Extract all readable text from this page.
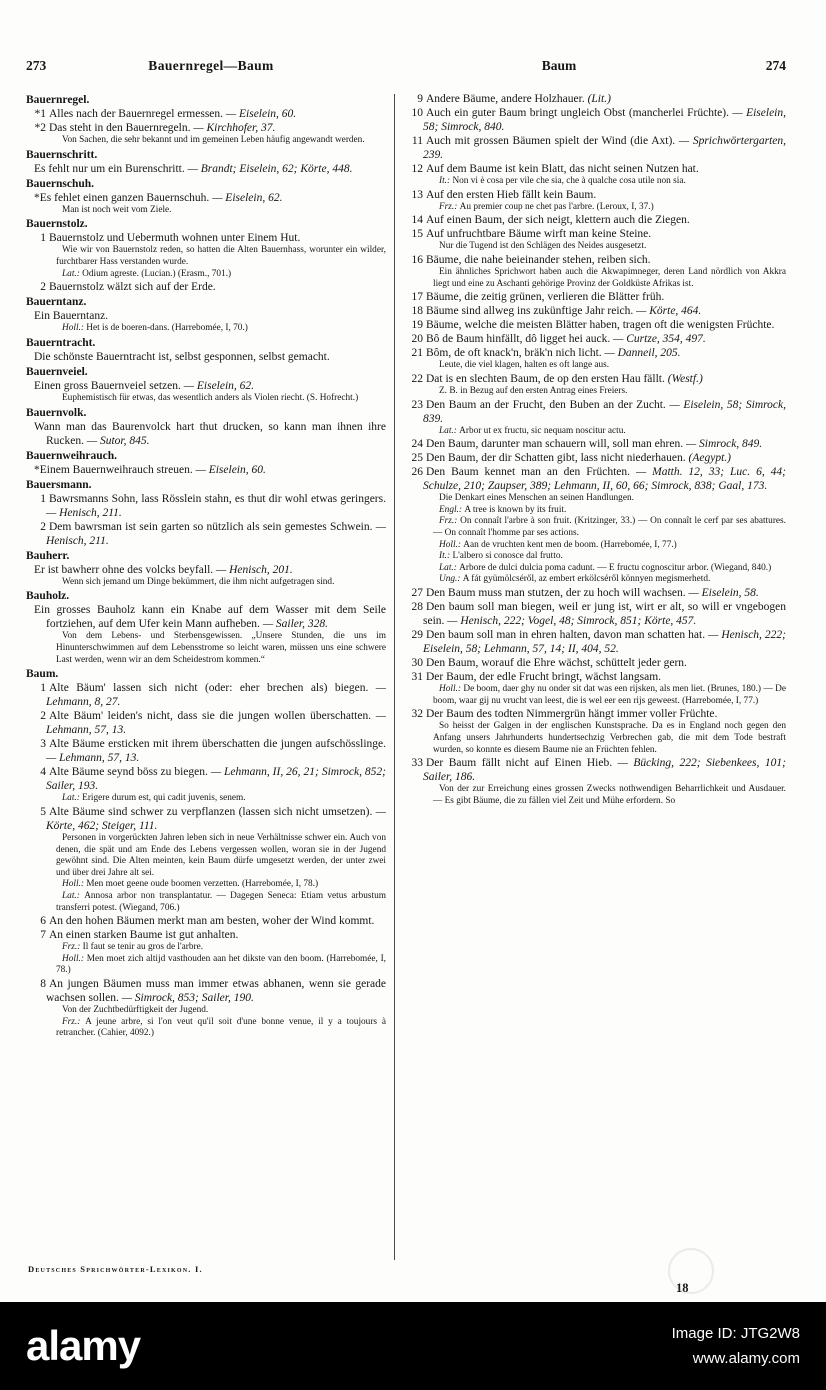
273	Bauernregel—Baum	Baum	274

Bauernregel.

*1 Alles nach der Bauernregel ermessen. — Eiselein, 60.

*2 Das steht in den Bauernregeln. — Kirchhofer, 37.

Von Sachen, die sehr bekannt und im gemeinen Leben häufig angewandt werden.

Bauernschritt.

Es fehlt nur um ein Burenschritt. — Brandt; Eiselein, 62; Körte, 448.

Bauernschuh.

*Es fehlet einen ganzen Bauernschuh. — Eiselein, 62.

Man ist noch weit vom Ziele.

Bauernstolz.

1 Bauernstolz und Uebermuth wohnen unter Einem Hut.

Wie wir von Bauernstolz reden, so hatten die Alten Bauernhass, worunter ein wilder, furchtbarer Hass verstanden wurde.

Lat.: Odium agreste. (Lucian.) (Erasm., 701.)

2 Bauernstolz wälzt sich auf der Erde.

Bauerntanz.

Ein Bauerntanz.

Holl.: Het is de boeren-dans. (Harrebomée, I, 70.)

Bauerntracht.

Die schönste Bauerntracht ist, selbst gesponnen, selbst gemacht.

Bauernveiel.

Einen gross Bauernveiel setzen. — Eiselein, 62.

Euphemistisch für etwas, das wesentlich anders als Violen riecht. (S. Hofrecht.)

Bauernvolk.

Wann man das Baurenvolck hart thut drucken, so kann man ihnen ihre Rucken. — Sutor, 845.

Bauernweihrauch.

*Einem Bauernweihrauch streuen. — Eiselein, 60.

Bauersmann.

1 Bawrsmanns Sohn, lass Rösslein stahn, es thut dir wohl etwas geringers. — Henisch, 211.

2 Dem bawrsman ist sein garten so nützlich als sein gemestes Schwein. — Henisch, 211.

Bauherr.

Er ist bawherr ohne des volcks beyfall. — Henisch, 201.

Wenn sich jemand um Dinge bekümmert, die ihm nicht aufgetragen sind.

Bauholz.

Ein grosses Bauholz kann ein Knabe auf dem Wasser mit dem Seile fortziehen, auf dem Ufer kein Mann aufheben. — Sailer, 328.

Von dem Lebens- und Sterbensgewissen. „Unsere Stunden, die uns im Hinunterschwimmen auf dem Lebensstrome so leicht waren, müssen uns eine schwere Last werden, wenn wir an dem Scheidestrom kommen.“

Baum.

1 Alte Bäum' lassen sich nicht (oder: eher brechen als) biegen. — Lehmann, 8, 27.

2 Alte Bäum' leiden's nicht, dass sie die jungen wollen überschatten. — Lehmann, 57, 13.

3 Alte Bäume ersticken mit ihrem überschatten die jungen aufschösslinge. — Lehmann, 57, 13.

4 Alte Bäume seynd böss zu biegen. — Lehmann, II, 26, 21; Simrock, 852; Sailer, 193.

Lat.: Erigere durum est, qui cadit juvenis, senem.

5 Alte Bäume sind schwer zu verpflanzen (lassen sich nicht umsetzen). — Körte, 462; Steiger, 111.

Personen in vorgerückten Jahren leben sich in neue Verhältnisse schwer ein. Auch von denen, die spät und am Ende des Lebens vergessen wollen, woran sie in der Jugend gewöhnt sind. Die Alten meinten, kein Baum dürfe umgesetzt werden, der unter zwei und über drei Jahre alt sei.

Holl.: Men moet geene oude boomen verzetten. (Harrebomée, I, 78.)

Lat.: Annosa arbor non transplantatur. — Dagegen Seneca: Etiam vetus arbustum transferri potest. (Wiegand, 706.)

6 An den hohen Bäumen merkt man am besten, woher der Wind kommt.

7 An einen starken Baume ist gut anhalten.

Frz.: Il faut se tenir au gros de l'arbre.

Holl.: Men moet zich altijd vasthouden aan het dikste van den boom. (Harrebomée, I, 78.)

8 An jungen Bäumen muss man immer etwas abhanen, wenn sie gerade wachsen sollen. — Simrock, 853; Sailer, 190.

Von der Zuchtbedürftigkeit der Jugend.

Frz.: A jeune arbre, si l'on veut qu'il soit d'une bonne venue, il y a toujours à retrancher. (Cahier, 4092.)

9 Andere Bäume, andere Holzhauer. (Lit.)

10 Auch ein guter Baum bringt ungleich Obst (mancherlei Früchte). — Eiselein, 58; Simrock, 840.

11 Auch mit grossen Bäumen spielt der Wind (die Axt). — Sprichwörtergarten, 239.

12 Auf dem Baume ist kein Blatt, das nicht seinen Nutzen hat.

It.: Non vi è cosa per vile che sia, che à qualche cosa utile non sia.

13 Auf den ersten Hieb fällt kein Baum.

Frz.: Au premier coup ne chet pas l'arbre. (Leroux, I, 37.)

14 Auf einen Baum, der sich neigt, klettern auch die Ziegen.

15 Auf unfruchtbare Bäume wirft man keine Steine.

Nur die Tugend ist den Schlägen des Neides ausgesetzt.

16 Bäume, die nahe beieinander stehen, reiben sich.

Ein ähnliches Sprichwort haben auch die Akwapimneger, deren Land nördlich von Akkra liegt und eine zu Aschanti gehörige Provinz der Goldküste Afrikas ist.

17 Bäume, die zeitig grünen, verlieren die Blätter früh.

18 Bäume sind allweg ins zukünftige Jahr reich. — Körte, 464.

19 Bäume, welche die meisten Blätter haben, tragen oft die wenigsten Früchte.

20 Bô de Baum hinfällt, dô ligget hei auck. — Curtze, 354, 497.

21 Bôm, de oft knack'n, bräk'n nich licht. — Danneil, 205.

Leute, die viel klagen, halten es oft lange aus.

22 Dat is en slechten Baum, de op den ersten Hau fällt. (Westf.)

Z. B. in Bezug auf den ersten Antrag eines Freiers.

23 Den Baum an der Frucht, den Buben an der Zucht. — Eiselein, 58; Simrock, 839.

Lat.: Arbor ut ex fructu, sic nequam noscitur actu.

24 Den Baum, darunter man schauern will, soll man ehren. — Simrock, 849.

25 Den Baum, der dir Schatten gibt, lass nicht niederhauen. (Aegypt.)

26 Den Baum kennet man an den Früchten. — Matth. 12, 33; Luc. 6, 44; Schulze, 210; Zaupser, 389; Lehmann, II, 60, 66; Simrock, 838; Gaal, 173.

Die Denkart eines Menschen an seinen Handlungen.

Engl.: A tree is known by its fruit.

Frz.: On connaît l'arbre à son fruit. (Kritzinger, 33.) — On connaît le cerf par ses abattures. — On connaît l'homme par ses actions.

Holl.: Aan de vruchten kent men de boom. (Harrebomée, I, 77.)

It.: L'albero si conosce dal frutto.

Lat.: Arbore de dulci dulcia poma cadunt. — E fructu cognoscitur arbor. (Wiegand, 840.)

Ung.: A fát gyümölcséről, az embert erkölcséről könnyen megismerhetd.

27 Den Baum muss man stutzen, der zu hoch will wachsen. — Eiselein, 58.

28 Den baum soll man biegen, weil er jung ist, wirt er alt, so will er vngebogen sein. — Henisch, 222; Vogel, 48; Simrock, 851; Körte, 457.

29 Den baum soll man in ehren halten, davon man schatten hat. — Henisch, 222; Eiselein, 58; Lehmann, 57, 14; II, 404, 52.

30 Den Baum, worauf die Ehre wächst, schüttelt jeder gern.

31 Der Baum, der edle Frucht bringt, wächst langsam.

Holl.: De boom, daer ghy nu onder sit dat was een rijsken, als men liet. (Brunes, 180.) — De boom, waar gij nu vrucht van leest, die is wel eer een rijs geweest. (Harrebomée, I, 77.)

32 Der Baum des todten Nimmergrün hängt immer voller Früchte.

So heisst der Galgen in der englischen Kunstsprache. Da es in England noch gegen den Anfang unsers Jahrhunderts hundertsechzig Verbrechen gab, die mit dem Tode bestraft wurden, so konnte es diesem Baume nie an Früchten fehlen.

33 Der Baum fällt nicht auf Einen Hieb. — Bücking, 222; Siebenkees, 101; Sailer, 186.

Von der zur Erreichung eines grossen Zwecks nothwendigen Beharrlichkeit und Ausdauer. — Es gibt Bäume, die zu fällen viel Zeit und Mühe erfordern. So

Deutsches Sprichwörter-Lexikon. I.
18
alamy	Image ID: JTG2W8
www.alamy.com
